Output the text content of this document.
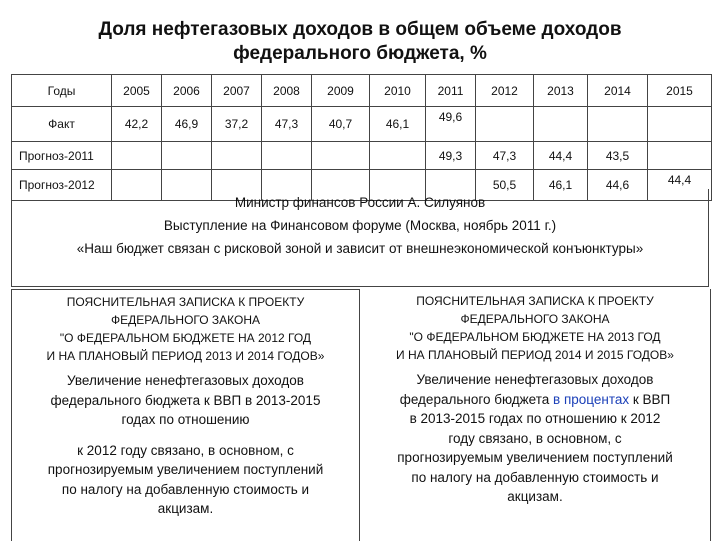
Доля нефтегазовых доходов в общем объеме доходов
федерального бюджета, %
Годы	2005	2006	2007	2008	2009	2010	2011	2012	2013	2014	2015
Факт	42,2	46,9	37,2	47,3	40,7	46,1	49,6				
Прогноз-2011							49,3	47,3	44,4	43,5	
Прогноз-2012								50,5	46,1	44,6	44,4
Министр финансов России А. Силуянов
Выступление на Финансовом форуме (Москва, ноябрь 2011 г.)
«Наш бюджет связан с рисковой зоной и зависит от внешнеэкономической конъюнктуры»
ПОЯСНИТЕЛЬНАЯ ЗАПИСКА К ПРОЕКТУ
ФЕДЕРАЛЬНОГО ЗАКОНА
"О ФЕДЕРАЛЬНОМ БЮДЖЕТЕ НА 2012 ГОД
И НА ПЛАНОВЫЙ ПЕРИОД 2013 И 2014 ГОДОВ»
Увеличение ненефтегазовых доходов
федерального бюджета к ВВП в 2013-2015
годах по отношению
к 2012 году связано, в основном, с
прогнозируемым увеличением поступлений
по налогу на добавленную стоимость и
акцизам.
ПОЯСНИТЕЛЬНАЯ ЗАПИСКА К ПРОЕКТУ
ФЕДЕРАЛЬНОГО ЗАКОНА
"О ФЕДЕРАЛЬНОМ БЮДЖЕТЕ НА 2013 ГОД
И НА ПЛАНОВЫЙ ПЕРИОД 2014 И 2015 ГОДОВ»
Увеличение ненефтегазовых доходов
федерального бюджета в процентах к ВВП
в 2013-2015 годах по отношению к 2012
году связано, в основном, с
прогнозируемым увеличением поступлений
по налогу на добавленную стоимость и
акцизам.
